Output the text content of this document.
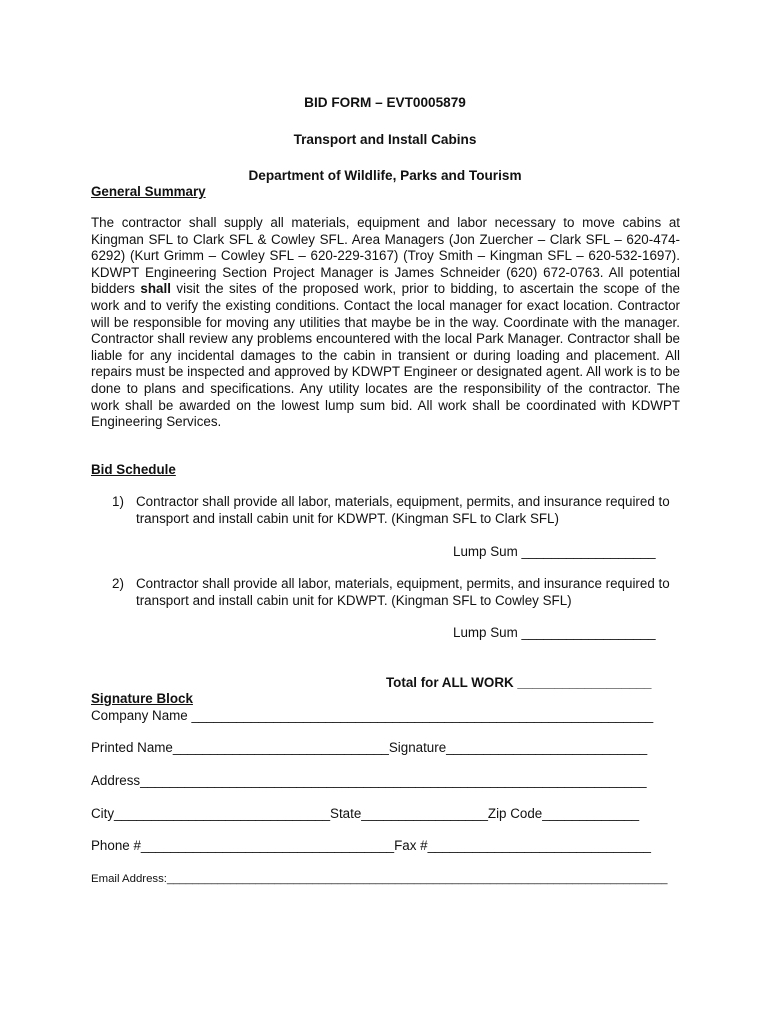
BID FORM – EVT0005879
Transport and Install Cabins
Department of Wildlife, Parks and Tourism
General Summary

The contractor shall supply all materials, equipment and labor necessary to move cabins at Kingman SFL to Clark SFL & Cowley SFL. Area Managers (Jon Zuercher – Clark SFL – 620-474-6292) (Kurt Grimm – Cowley SFL – 620-229-3167) (Troy Smith – Kingman SFL – 620-532-1697). KDWPT Engineering Section Project Manager is James Schneider (620) 672-0763. All potential bidders shall visit the sites of the proposed work, prior to bidding, to ascertain the scope of the work and to verify the existing conditions. Contact the local manager for exact location. Contractor will be responsible for moving any utilities that maybe be in the way. Coordinate with the manager. Contractor shall review any problems encountered with the local Park Manager. Contractor shall be liable for any incidental damages to the cabin in transient or during loading and placement. All repairs must be inspected and approved by KDWPT Engineer or designated agent. All work is to be done to plans and specifications. Any utility locates are the responsibility of the contractor. The work shall be awarded on the lowest lump sum bid. All work shall be coordinated with KDWPT Engineering Services.

Bid Schedule
1) Contractor shall provide all labor, materials, equipment, permits, and insurance required to transport and install cabin unit for KDWPT. (Kingman SFL to Clark SFL)
Lump Sum __________________
2) Contractor shall provide all labor, materials, equipment, permits, and insurance required to transport and install cabin unit for KDWPT. (Kingman SFL to Cowley SFL)
Lump Sum __________________
Total for ALL WORK __________________
Signature Block
Company Name ______________________________________________________________
Printed Name_____________________________Signature___________________________
Address____________________________________________________________________
City_____________________________State_________________Zip Code_____________
Phone #__________________________________Fax #______________________________
Email Address:_______________________________________________________________________________
